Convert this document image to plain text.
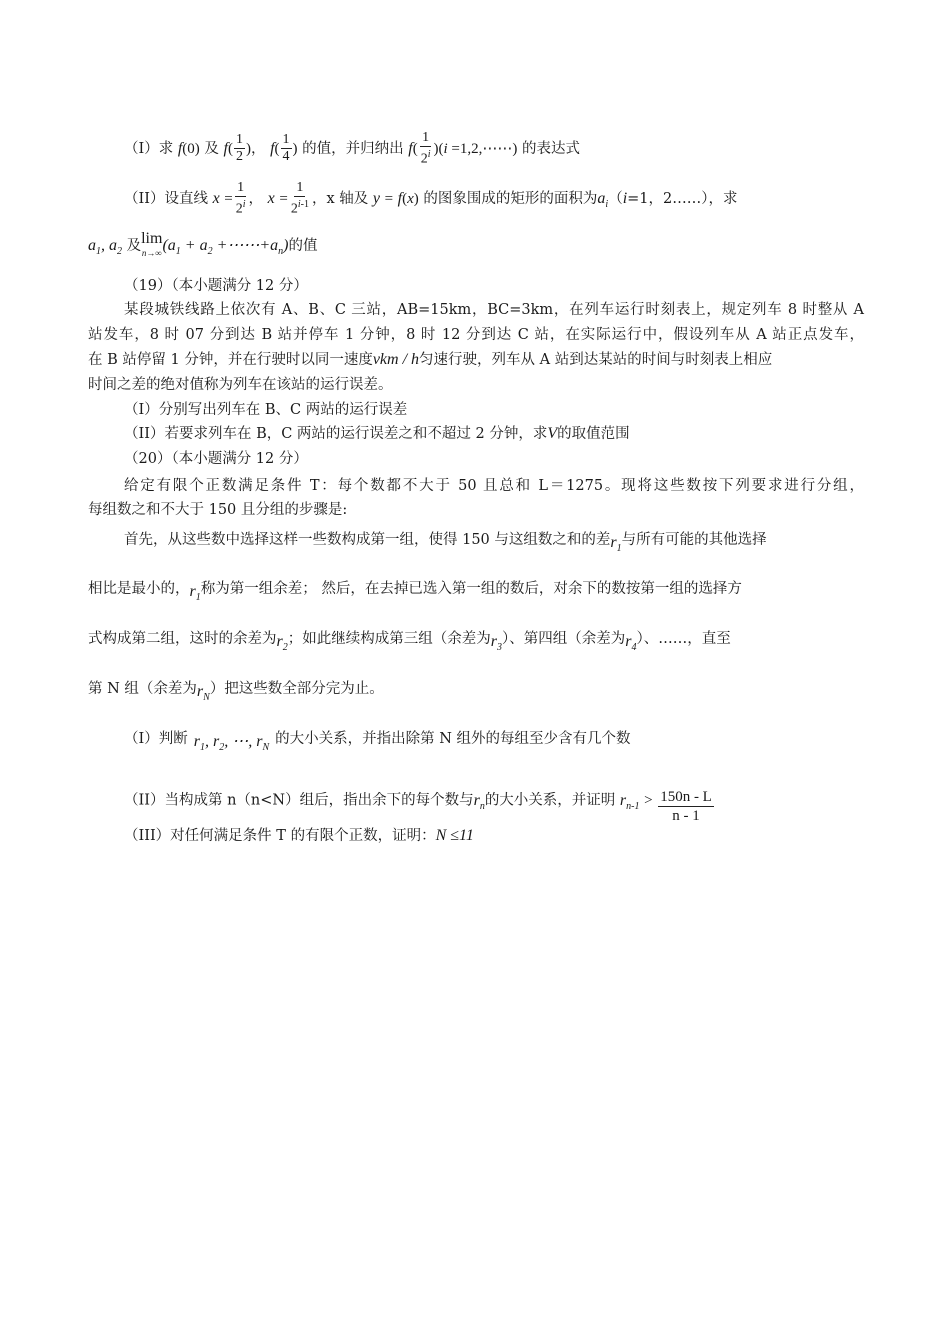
（I）求 f(0) 及 $f( \frac{1}{2}$ )， $f( \frac{1}{4}$ ) 的值，并归纳出 $f( \frac{1}{2^i} )(i$ =1,2,⋯⋯) 的表达式
（II）设直线 $x = \frac{1}{2^i}$ ， $x = \frac{1}{2^{i-1}}$ ，x 轴及 y = f(x) 的图象围成的矩形的面积为$a_i(i=1$，2……），求
$a_1$, $a_2$ 及 lim
n→∞ ($a_1 + a_2$ $+\cdots\cdots+a_n$)的值
（19）（本小题满分 12 分）
某段城铁线路上依次有 A、B、C 三站，AB=15km，BC=3km，在列车运行时刻表上，规定列车 8 时整从 A
站发车，8 时 07 分到达 B 站并停车 1 分钟，8 时 12 分到达 C 站，在实际运行中，假设列车从 A 站正点发车，
在 B 站停留 1 分钟，并在行驶时以同一速度vkm / h匀速行驶，列车从 A 站到达某站的时间与时刻表上相应
时间之差的绝对值称为列车在该站的运行误差。
（I）分别写出列车在 B、C 两站的运行误差
（II）若要求列车在 B，C 两站的运行误差之和不超过 2 分钟，求V的取值范围
（20）（本小题满分 12 分）
给定有限个正数满足条件 T：每个数都不大于 50 且总和 L＝1275。现将这些数按下列要求进行分组，
每组数之和不大于 150 且分组的步骤是:
首先，从这些数中选择这样一些数构成第一组，使得 150 与这组数之和的差$r_1$与所有可能的其他选择
相比是最小的，$r_1$称为第一组余差； 然后，在去掉已选入第一组的数后，对余下的数按第一组的选择方
式构成第二组，这时的余差为$r_2$；如此继续构成第三组（余差为$r_3$）、第四组（余差为$r_4$）、……，直至
第 N 组（余差为$r_N$）把这些数全部分完为止。
（I）判断 $r_1$, $r_2$, ⋯, $r_N$的大小关系，并指出除第 N 组外的每组至少含有几个数
（II）当构成第 n（n<N）组后，指出余下的每个数与$r_n$的大小关系，并证明 $r_{n-1} > \frac{150n - L}{n - 1}$
（III）对任何满足条件 T 的有限个正数，证明：N ≤11
